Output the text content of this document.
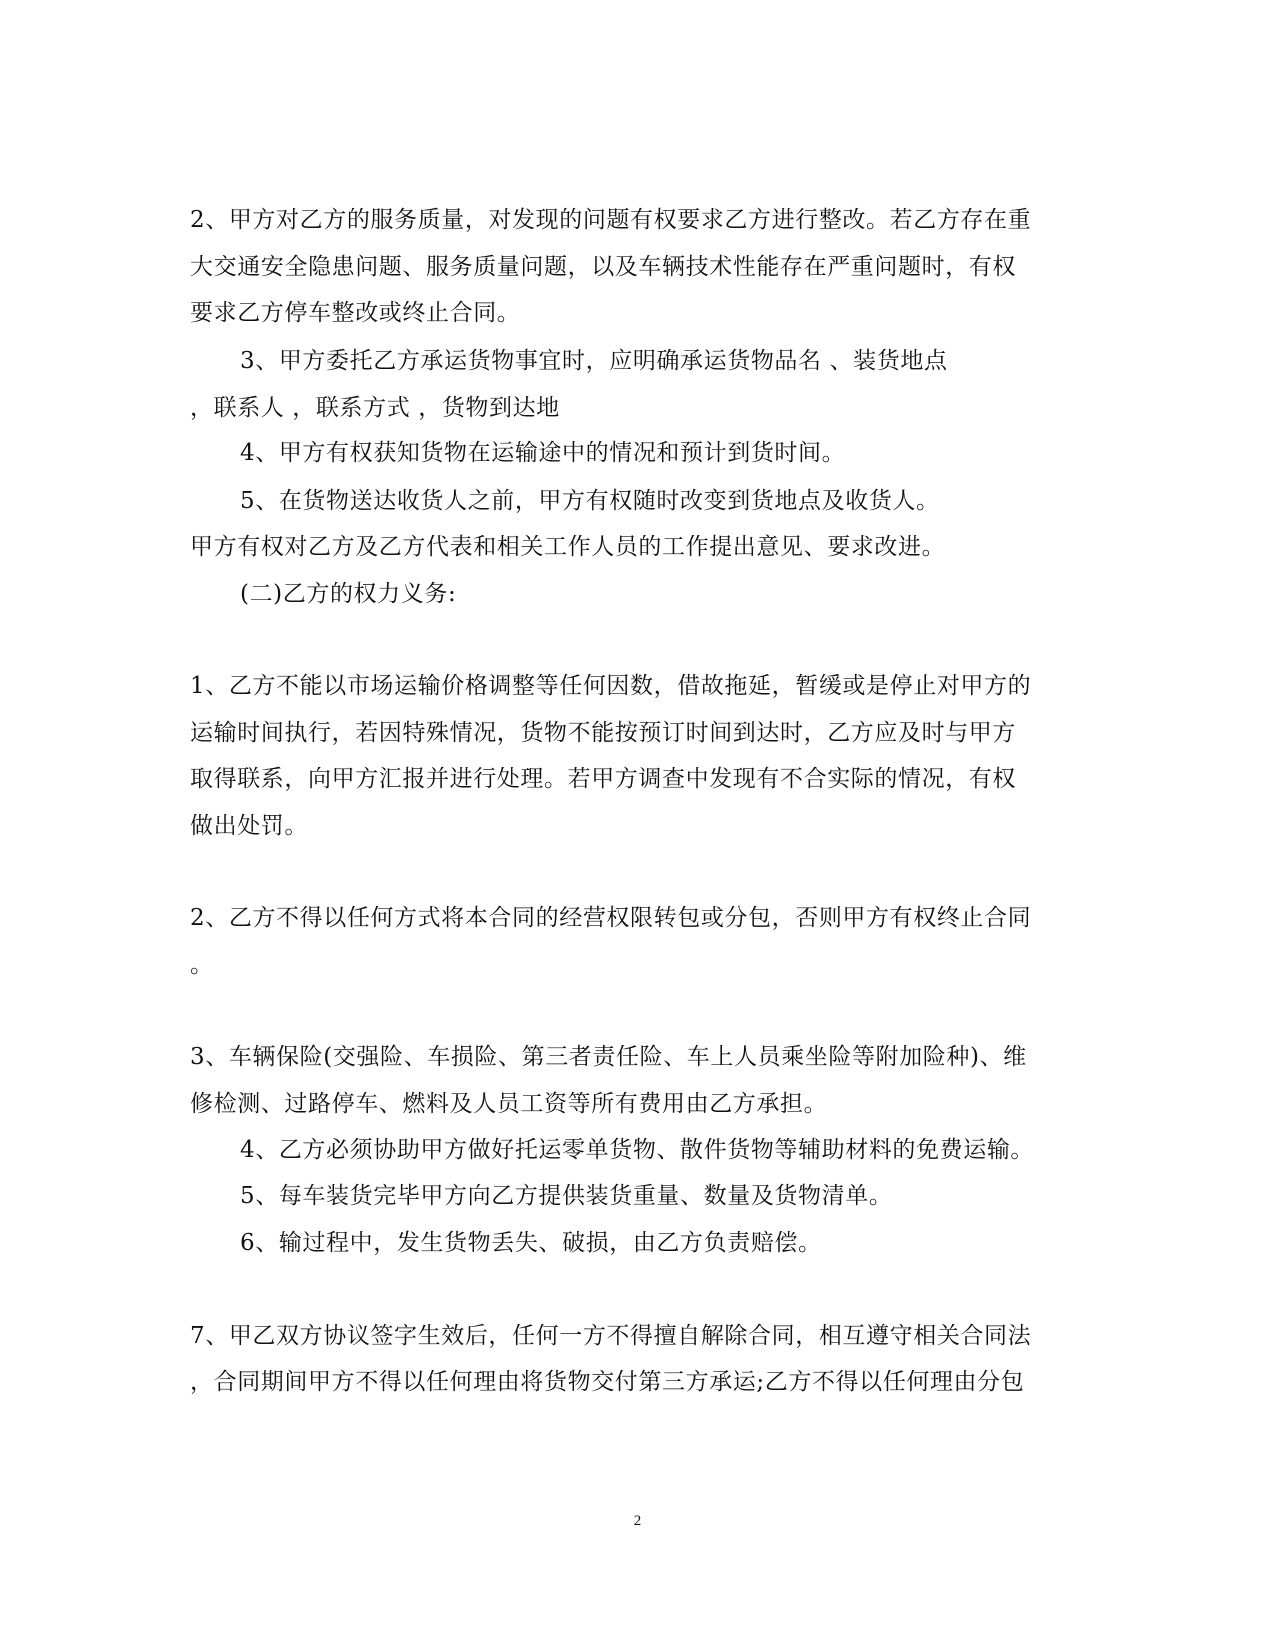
2、甲方对乙方的服务质量，对发现的问题有权要求乙方进行整改。若乙方存在重
大交通安全隐患问题、服务质量问题，以及车辆技术性能存在严重问题时，有权
要求乙方停车整改或终止合同。
3、甲方委托乙方承运货物事宜时，应明确承运货物品名 、装货地点
，联系人 ，联系方式 ，货物到达地
4、甲方有权获知货物在运输途中的情况和预计到货时间。
5、在货物送达收货人之前，甲方有权随时改变到货地点及收货人。
甲方有权对乙方及乙方代表和相关工作人员的工作提出意见、要求改进。
(二)乙方的权力义务:
1、乙方不能以市场运输价格调整等任何因数，借故拖延，暂缓或是停止对甲方的
运输时间执行，若因特殊情况，货物不能按预订时间到达时，乙方应及时与甲方
取得联系，向甲方汇报并进行处理。若甲方调查中发现有不合实际的情况，有权
做出处罚。
2、乙方不得以任何方式将本合同的经营权限转包或分包，否则甲方有权终止合同
。
3、车辆保险(交强险、车损险、第三者责任险、车上人员乘坐险等附加险种)、维
修检测、过路停车、燃料及人员工资等所有费用由乙方承担。
4、乙方必须协助甲方做好托运零单货物、散件货物等辅助材料的免费运输。
5、每车装货完毕甲方向乙方提供装货重量、数量及货物清单。
6、输过程中，发生货物丢失、破损，由乙方负责赔偿。
7、甲乙双方协议签字生效后，任何一方不得擅自解除合同，相互遵守相关合同法
，合同期间甲方不得以任何理由将货物交付第三方承运;乙方不得以任何理由分包
2
